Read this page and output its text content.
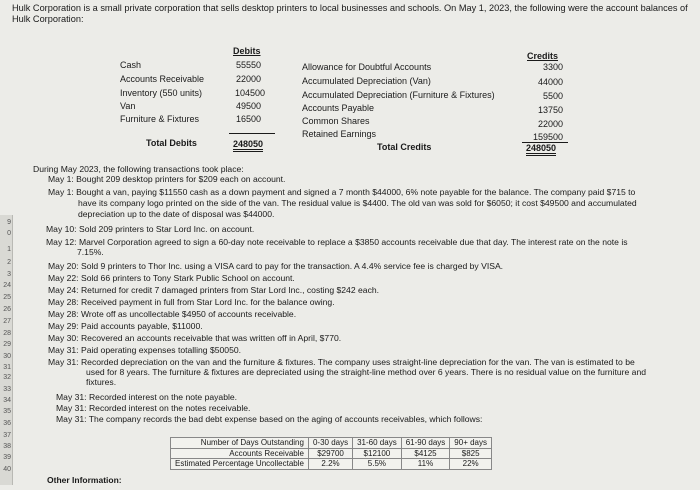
9
0
1
2
3
24
25
26
27
28
29
30
31
32
33
34
35
36
37
38
39
40
Hulk Corporation is a small private corporation that sells desktop printers to local businesses and schools. On May 1, 2023, the following were the account balances of Hulk Corporation:
Debits
Cash	55550
Accounts Receivable	22000
Inventory (550 units)	104500
Van	49500
Furniture & Fixtures	16500
Total Debits	248050
Credits
Allowance for Doubtful Accounts	3300
Accumulated Depreciation (Van)	44000
Accumulated Depreciation (Furniture & Fixtures)	5500
Accounts Payable	13750
Common Shares	22000
Retained Earnings	159500
Total Credits	248050
During May 2023, the following transactions took place:
May 1: Bought 209 desktop printers for $209 each on account.
May 1: Bought a van, paying $11550 cash as a down payment and signed a 7 month $44000, 6% note payable for the balance. The company paid $715 to
have its company logo printed on the side of the van. The residual value is $4400. The old van was sold for $6050; it cost $49500 and accumulated
depreciation up to the date of disposal was $44000.
May 10: Sold 209 printers to Star Lord Inc. on account.
May 12: Marvel Corporation agreed to sign a 60-day note receivable to replace a $3850 accounts receivable due that day. The interest rate on the note is
7.15%.
May 20: Sold 9 printers to Thor Inc. using a VISA card to pay for the transaction. A 4.4% service fee is charged by VISA.
May 22: Sold 66 printers to Tony Stark Public School on account.
May 24: Returned for credit 7 damaged printers from Star Lord Inc., costing $242 each.
May 28: Received payment in full from Star Lord Inc. for the balance owing.
May 28: Wrote off as uncollectable $4950 of accounts receivable.
May 29: Paid accounts payable, $11000.
May 30: Recovered an accounts receivable that was written off in April, $770.
May 31: Paid operating expenses totalling $50050.
May 31: Recorded depreciation on the van and the furniture & fixtures. The company uses straight-line depreciation for the van. The van is estimated to be
used for 8 years. The furniture & fixtures are depreciated using the straight-line method over 6 years. There is no residual value on the furniture and
fixtures.
May 31: Recorded interest on the note payable.
May 31: Recorded interest on the notes receivable.
May 31: The company records the bad debt expense based on the aging of accounts receivables, which follows:
Number of Days Outstanding	0-30 days	31-60 days	61-90 days	90+ days
Accounts Receivable	$29700	$12100	$4125	$825
Estimated Percentage Uncollectable	2.2%	5.5%	11%	22%
Other Information:
